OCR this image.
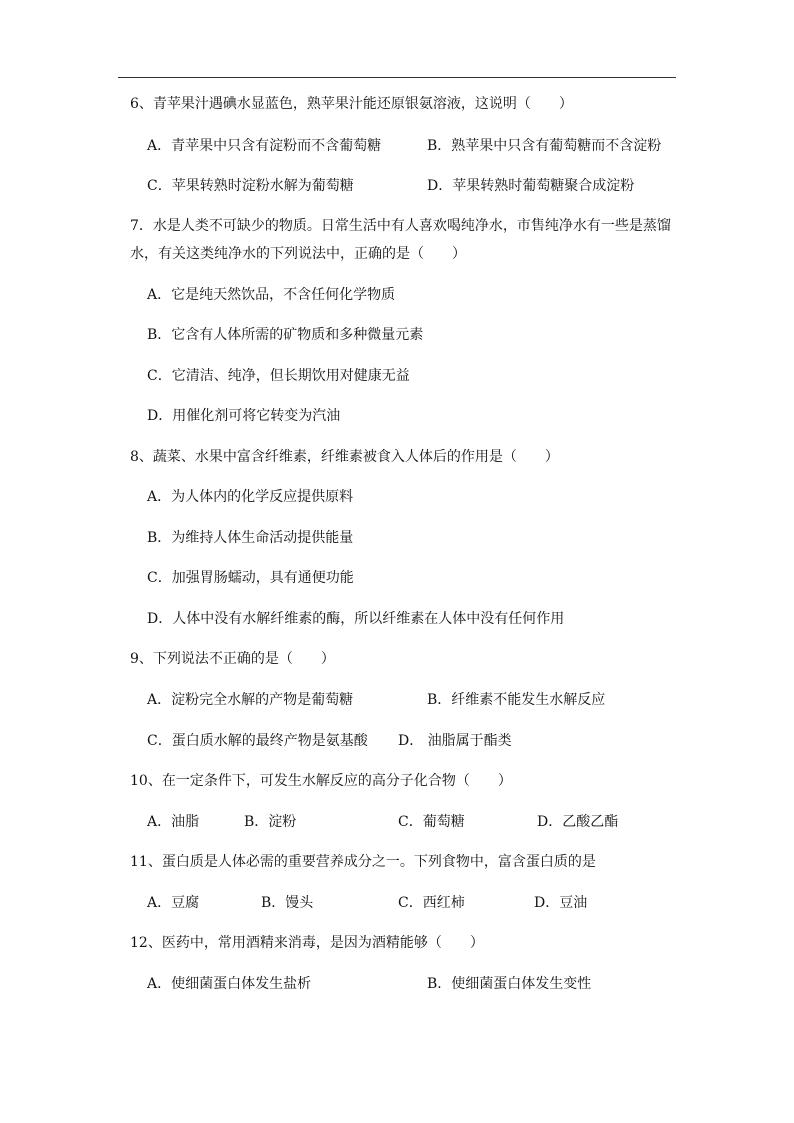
6、青苹果汁遇碘水显蓝色，熟苹果汁能还原银氨溶液，这说明（　　）
A．青苹果中只含有淀粉而不含葡萄糖	B．熟苹果中只含有葡萄糖而不含淀粉
C．苹果转熟时淀粉水解为葡萄糖	D．苹果转熟时葡萄糖聚合成淀粉
7．水是人类不可缺少的物质。日常生活中有人喜欢喝纯净水，市售纯净水有一些是蒸馏
水，有关这类纯净水的下列说法中，正确的是（　　）
A．它是纯天然饮品，不含任何化学物质
B．它含有人体所需的矿物质和多种微量元素
C．它清洁、纯净，但长期饮用对健康无益
D．用催化剂可将它转变为汽油
8、蔬菜、水果中富含纤维素，纤维素被食入人体后的作用是（　　）
A．为人体内的化学反应提供原料
B．为维持人体生命活动提供能量
C．加强胃肠蠕动，具有通便功能
D．人体中没有水解纤维素的酶，所以纤维素在人体中没有任何作用
9、下列说法不正确的是（　　）
A．淀粉完全水解的产物是葡萄糖	B．纤维素不能发生水解反应
C．蛋白质水解的最终产物是氨基酸 D． 油脂属于酯类
10、在一定条件下，可发生水解反应的高分子化合物（　　）
A．油脂	B．淀粉	C．葡萄糖	D．乙酸乙酯
11、蛋白质是人体必需的重要营养成分之一。下列食物中，富含蛋白质的是
A．豆腐	B．馒头	C．西红柿	D．豆油
12、医药中，常用酒精来消毒，是因为酒精能够（　　）
A．使细菌蛋白体发生盐析	B．使细菌蛋白体发生变性
